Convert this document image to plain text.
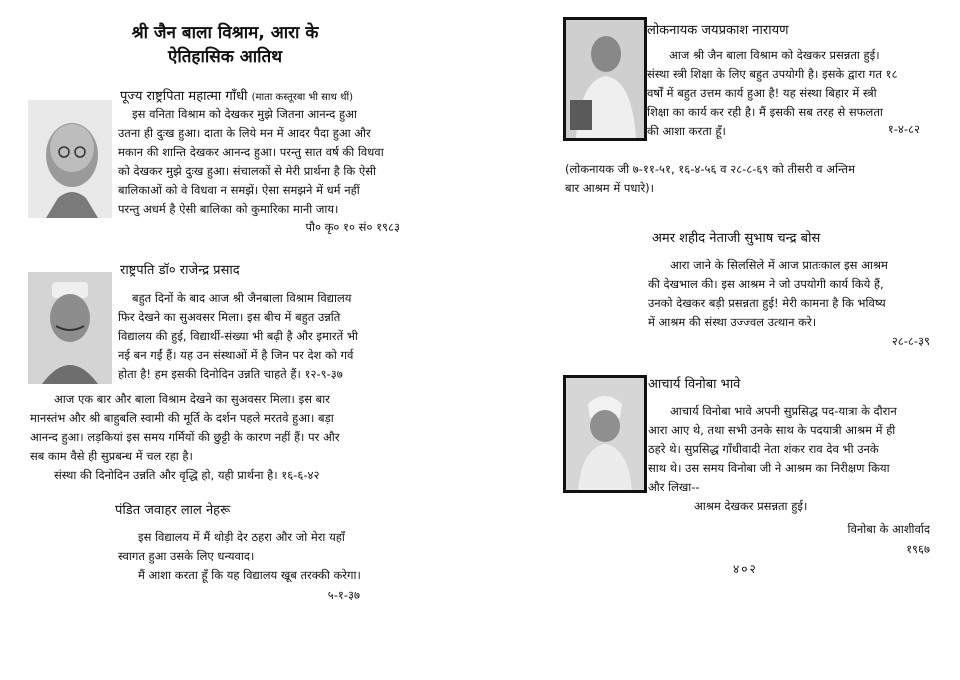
श्री जैन बाला विश्राम, आरा के
ऐतिहासिक आतिथ
पूज्य राष्ट्रपिता महात्मा गाँधी (माता कस्तूरबा भी साथ थीं)

इस वनिता विश्राम को देखकर मुझे जितना आनन्द हुआ

उतना ही दुःख हुआ। दाता के लिये मन में आदर पैदा हुआ और

मकान की शान्ति देखकर आनन्द हुआ। परन्तु सात वर्ष की विधवा

को देखकर मुझे दुःख हुआ। संचालकों से मेरी प्रार्थना है कि ऐसी

बालिकाओं को वे विधवा न समझें। ऐसा समझने में धर्म नहीं

परन्तु अधर्म है ऐसी बालिका को कुमारिका मानी जाय।

पौ० कृ० १० सं० १९८३
राष्ट्रपति डॉ० राजेन्द्र प्रसाद

बहुत दिनों के बाद आज श्री जैनबाला विश्राम विद्यालय

फिर देखने का सुअवसर मिला। इस बीच में बहुत उन्नति

विद्यालय की हुई, विद्यार्थी-संख्या भी बढ़ी है और इमारतें भी

नई बन गईं हैं। यह उन संस्थाओं में है जिन पर देश को गर्व

होता है! हम इसकी दिनोदिन उन्नति चाहते हैं। १२-९-३७

आज एक बार और बाला विश्राम देखने का सुअवसर मिला। इस बार

मानस्तंभ और श्री बाहुबलि स्वामी की मूर्ति के दर्शन पहले मरतवे हुआ। बड़ा

आनन्द हुआ। लड़कियां इस समय गर्मियों की छुट्टी के कारण नहीं हैं। पर और

सब काम वैसे ही सुप्रबन्ध में चल रहा है।

संस्था की दिनोदिन उन्नति और वृद्धि हो, यही प्रार्थना है। १६-६-४२

पंडित जवाहर लाल नेहरू

इस विद्यालय में मैं थोड़ी देर ठहरा और जो मेरा यहाँ

स्वागत हुआ उसके लिए धन्यवाद।

मैं आशा करता हूँ कि यह विद्यालय खूब तरक्की करेगा।

५-१-३७
लोकनायक जयप्रकाश नारायण

आज श्री जैन बाला विश्राम को देखकर प्रसन्नता हुई।

संस्था स्त्री शिक्षा के लिए बहुत उपयोगी है। इसके द्वारा गत १८

वर्षों में बहुत उत्तम कार्य हुआ है! यह संस्था बिहार में स्त्री

शिक्षा का कार्य कर रही है। मैं इसकी सब तरह से सफलता

की आशा करता हूँ।	१-४-८२

(लोकनायक जी ७-११-५१, १६-४-५६ व २८-८-६९ को तीसरी व अन्तिम

बार आश्रम में पधारे)।

अमर शहीद नेताजी सुभाष चन्द्र बोस

आरा जाने के सिलसिले में आज प्रातःकाल इस आश्रम

की देखभाल की। इस आश्रम ने जो उपयोगी कार्य किये हैं,

उनको देखकर बड़ी प्रसन्नता हुई! मेरी कामना है कि भविष्य

में आश्रम की संस्था उज्ज्वल उत्थान करे।

२८-८-३९
आचार्य विनोबा भावे

आचार्य विनोबा भावे अपनी सुप्रसिद्ध पद-यात्रा के दौरान

आरा आए थे, तथा सभी उनके साथ के पदयात्री आश्रम में ही

ठहरे थे। सुप्रसिद्ध गाँधीवादी नेता शंकर राव देव भी उनके

साथ थे। उस समय विनोबा जी ने आश्रम का निरीक्षण किया

और लिखा--

आश्रम देखकर प्रसन्नता हुई।

विनोबा के आशीर्वाद
१९६७
४०२
